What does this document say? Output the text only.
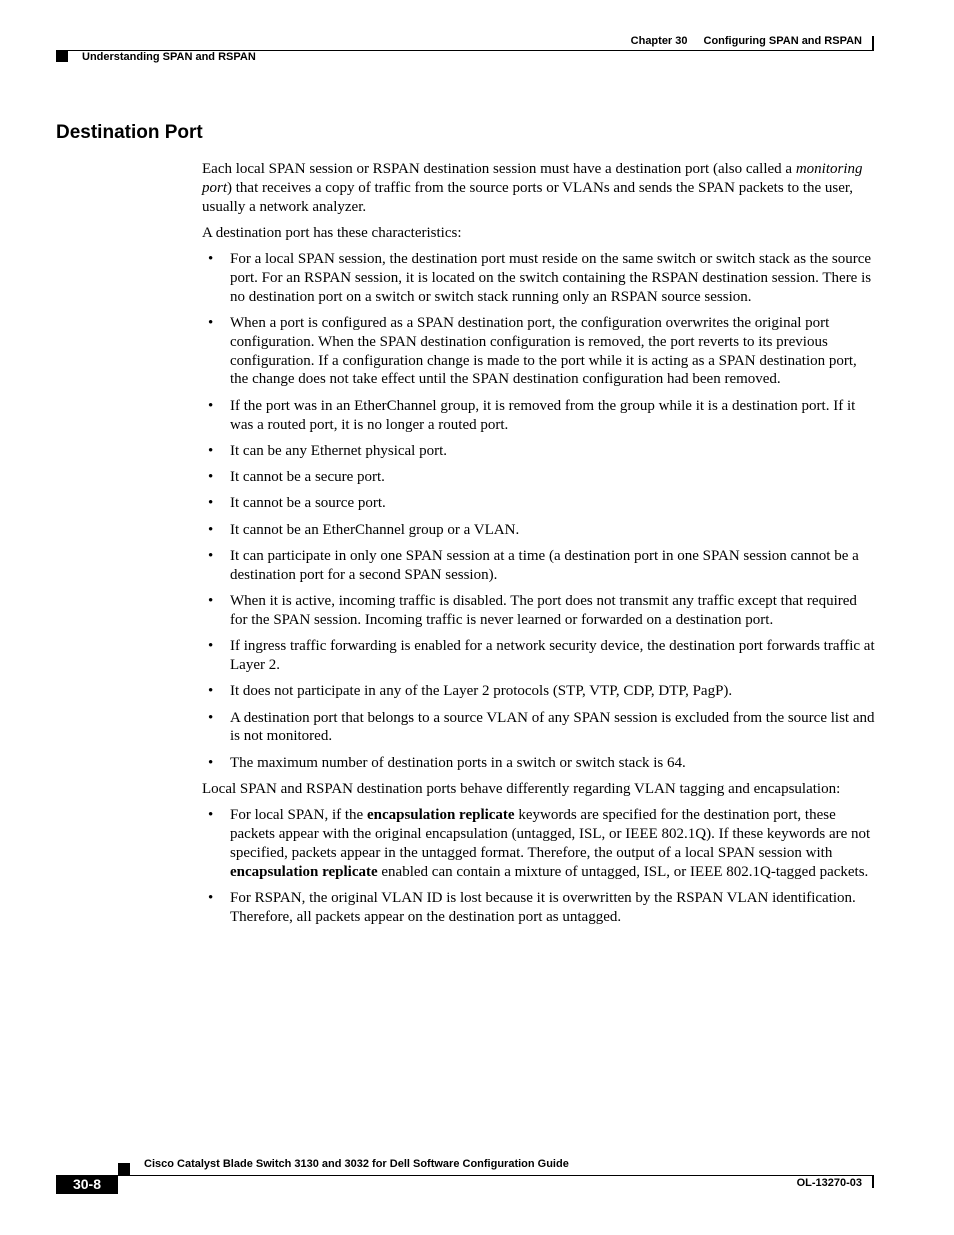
Chapter 30 Configuring SPAN and RSPAN
Understanding SPAN and RSPAN
Destination Port

Each local SPAN session or RSPAN destination session must have a destination port (also called a monitoring port) that receives a copy of traffic from the source ports or VLANs and sends the SPAN packets to the user, usually a network analyzer.

A destination port has these characteristics:

• For a local SPAN session, the destination port must reside on the same switch or switch stack as the source port. For an RSPAN session, it is located on the switch containing the RSPAN destination session. There is no destination port on a switch or switch stack running only an RSPAN source session.
• When a port is configured as a SPAN destination port, the configuration overwrites the original port configuration. When the SPAN destination configuration is removed, the port reverts to its previous configuration. If a configuration change is made to the port while it is acting as a SPAN destination port, the change does not take effect until the SPAN destination configuration had been removed.
• If the port was in an EtherChannel group, it is removed from the group while it is a destination port. If it was a routed port, it is no longer a routed port.
• It can be any Ethernet physical port.
• It cannot be a secure port.
• It cannot be a source port.
• It cannot be an EtherChannel group or a VLAN.
• It can participate in only one SPAN session at a time (a destination port in one SPAN session cannot be a destination port for a second SPAN session).
• When it is active, incoming traffic is disabled. The port does not transmit any traffic except that required for the SPAN session. Incoming traffic is never learned or forwarded on a destination port.
• If ingress traffic forwarding is enabled for a network security device, the destination port forwards traffic at Layer 2.
• It does not participate in any of the Layer 2 protocols (STP, VTP, CDP, DTP, PagP).
• A destination port that belongs to a source VLAN of any SPAN session is excluded from the source list and is not monitored.
• The maximum number of destination ports in a switch or switch stack is 64.

Local SPAN and RSPAN destination ports behave differently regarding VLAN tagging and encapsulation:

• For local SPAN, if the encapsulation replicate keywords are specified for the destination port, these packets appear with the original encapsulation (untagged, ISL, or IEEE 802.1Q). If these keywords are not specified, packets appear in the untagged format. Therefore, the output of a local SPAN session with encapsulation replicate enabled can contain a mixture of untagged, ISL, or IEEE 802.1Q-tagged packets.
• For RSPAN, the original VLAN ID is lost because it is overwritten by the RSPAN VLAN identification. Therefore, all packets appear on the destination port as untagged.
Cisco Catalyst Blade Switch 3130 and 3032 for Dell Software Configuration Guide
30-8	OL-13270-03
